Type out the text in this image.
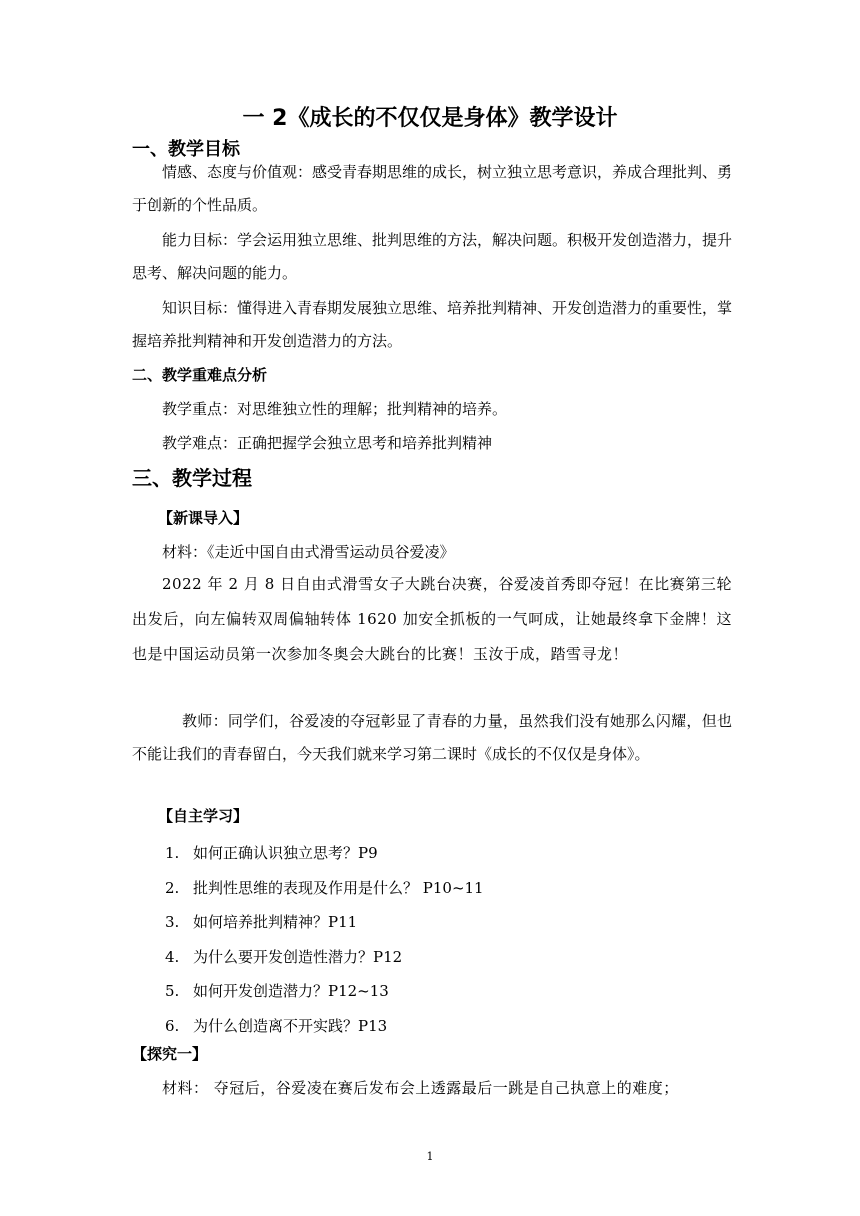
一 2《成长的不仅仅是身体》教学设计
一、教学目标
情感、态度与价值观：感受青春期思维的成长，树立独立思考意识，养成合理批判、勇于创新的个性品质。
能力目标：学会运用独立思维、批判思维的方法，解决问题。积极开发创造潜力，提升思考、解决问题的能力。
知识目标：懂得进入青春期发展独立思维、培养批判精神、开发创造潜力的重要性，掌握培养批判精神和开发创造潜力的方法。
二、教学重难点分析
教学重点：对思维独立性的理解；批判精神的培养。
教学难点：正确把握学会独立思考和培养批判精神
三、教学过程
【新课导入】
材料：《走近中国自由式滑雪运动员谷爱凌》
2022 年 2 月 8 日自由式滑雪女子大跳台决赛，谷爱凌首秀即夺冠！在比赛第三轮出发后，向左偏转双周偏轴转体 1620 加安全抓板的一气呵成，让她最终拿下金牌！这也是中国运动员第一次参加冬奥会大跳台的比赛！玉汝于成，踏雪寻龙！
教师：同学们，谷爱凌的夺冠彰显了青春的力量，虽然我们没有她那么闪耀，但也不能让我们的青春留白，今天我们就来学习第二课时《成长的不仅仅是身体》。
【自主学习】
1. 如何正确认识独立思考？P9
2. 批判性思维的表现及作用是什么？ P10~11
3. 如何培养批判精神？P11
4. 为什么要开发创造性潜力？P12
5. 如何开发创造潜力？P12~13
6. 为什么创造离不开实践？P13
【探究一】
材料： 夺冠后，谷爱凌在赛后发布会上透露最后一跳是自己执意上的难度；
1
